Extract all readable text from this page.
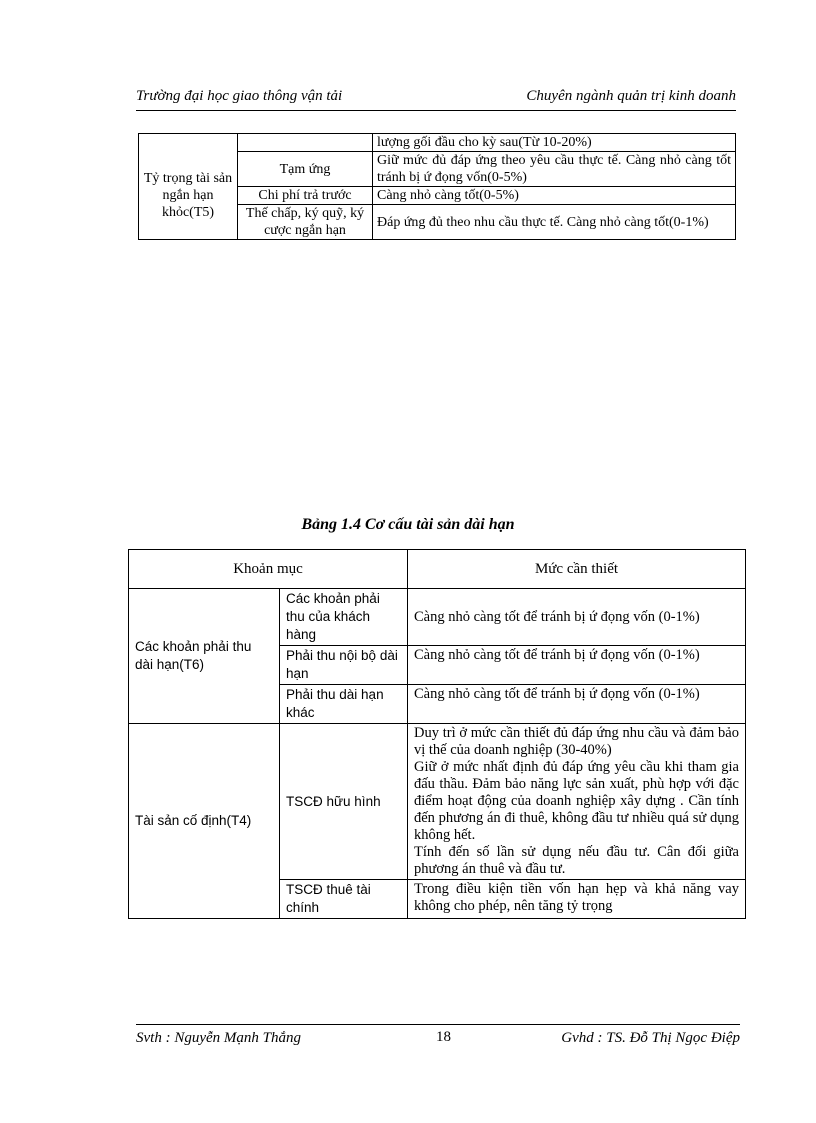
Trường đại học giao thông vận tải	Chuyên ngành quản trị kinh doanh
		lượng gối đầu cho kỳ sau(Từ 10-20%)
Tỷ trọng tài sản ngắn hạn khỏc(T5)	Tạm ứng	Giữ mức đủ đáp ứng theo yêu cầu thực tế. Càng nhỏ càng tốt tránh bị ứ đọng vốn(0-5%)
	Chi phí trả trước	Càng nhỏ càng tốt(0-5%)
	Thế chấp, ký quỹ, ký cược ngắn hạn	Đáp ứng đủ theo nhu cầu thực tế. Càng nhỏ càng tốt(0-1%)
Bảng 1.4 Cơ cấu tài sản dài hạn
Khoản mục		Mức cần thiết
Các khoản phải thu dài hạn(T6)	Các khoản phải thu của khách hàng	Càng nhỏ càng tốt để tránh bị ứ đọng vốn (0-1%)
	Phải thu nội bộ dài hạn	Càng nhỏ càng tốt để tránh bị ứ đọng vốn (0-1%)
	Phải thu dài hạn khác	Càng nhỏ càng tốt để tránh bị ứ đọng vốn (0-1%)
Tài sản cố định(T4)	TSCĐ hữu hình	Duy trì ở mức cần thiết đủ đáp ứng nhu cầu và đảm bảo vị thế của doanh nghiệp (30-40%)
Giữ ở mức nhất định đủ đáp ứng yêu cầu khi tham gia đấu thầu. Đảm bảo năng lực sản xuất, phù hợp với đặc điểm hoạt động của doanh nghiệp xây dựng . Cần tính đến phương án đi thuê, không đầu tư nhiều quá sử dụng không hết.
Tính đến số lần sử dụng nếu đầu tư. Cân đối giữa phương án thuê và đầu tư.

	TSCĐ thuê tài chính	Trong điều kiện tiền vốn hạn hẹp và khả năng vay không cho phép, nên tăng tỷ trọng
Svth : Nguyễn Mạnh Thắng	18	Gvhd : TS. Đỗ Thị Ngọc Điệp
